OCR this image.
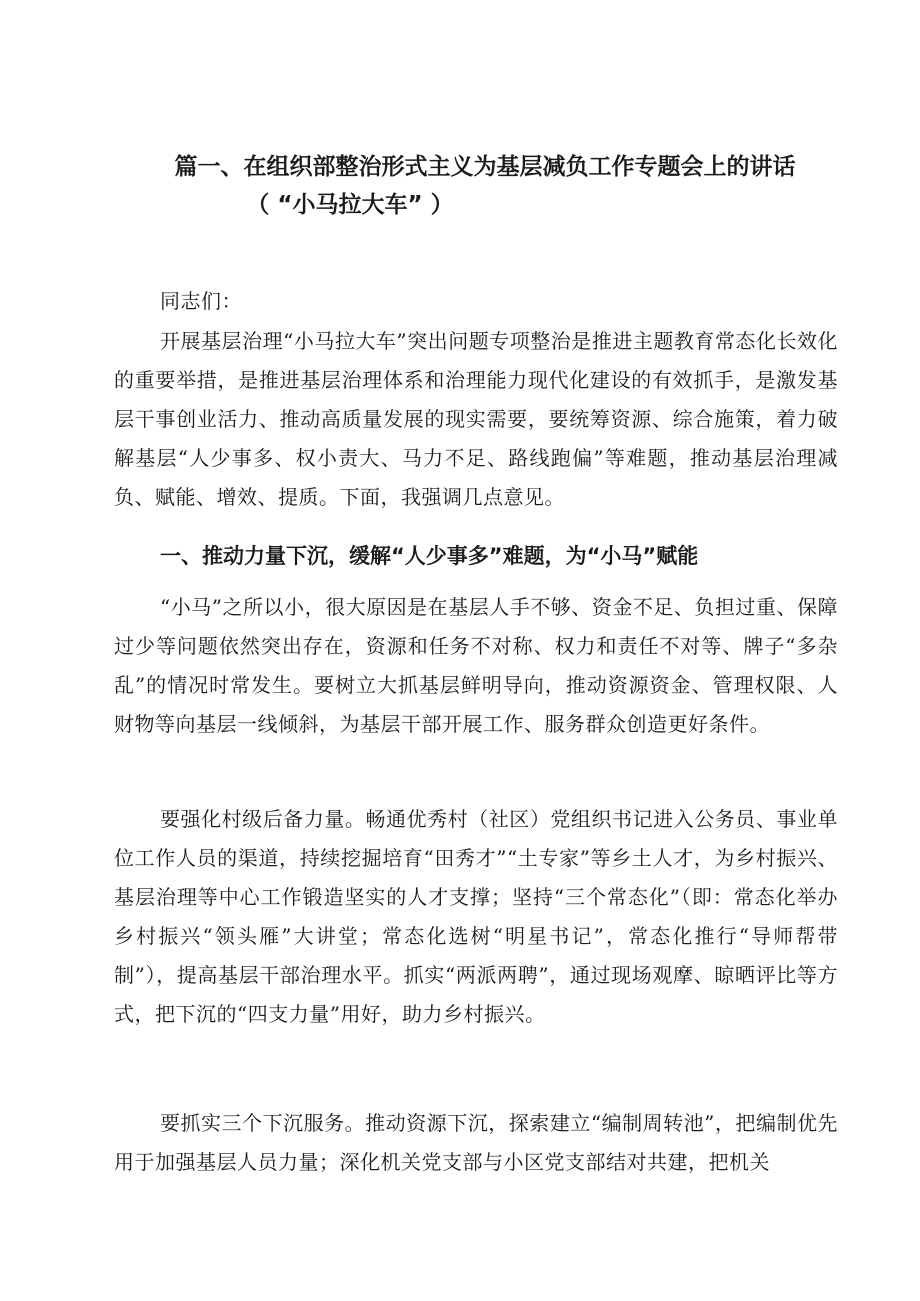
篇一、在组织部整治形式主义为基层减负工作专题会上的讲话
（ “小马拉大车” ）

同志们：

开展基层治理“小马拉大车”突出问题专项整治是推进主题教育常态化长效化的重要举措，是推进基层治理体系和治理能力现代化建设的有效抓手，是激发基层干事创业活力、推动高质量发展的现实需要，要统筹资源、综合施策，着力破解基层“人少事多、权小责大、马力不足、路线跑偏”等难题，推动基层治理减负、赋能、增效、提质。下面，我强调几点意见。

一、推动力量下沉，缓解“人少事多”难题，为“小马”赋能

“小马”之所以小，很大原因是在基层人手不够、资金不足、负担过重、保障过少等问题依然突出存在，资源和任务不对称、权力和责任不对等、牌子“多杂乱”的情况时常发生。要树立大抓基层鲜明导向，推动资源资金、管理权限、人财物等向基层一线倾斜，为基层干部开展工作、服务群众创造更好条件。

要强化村级后备力量。畅通优秀村（社区）党组织书记进入公务员、事业单位工作人员的渠道，持续挖掘培育“田秀才”“土专家”等乡土人才，为乡村振兴、基层治理等中心工作锻造坚实的人才支撑；坚持“三个常态化”（即：常态化举办乡村振兴“领头雁”大讲堂；常态化选树“明星书记”，常态化推行“导师帮带制”），提高基层干部治理水平。抓实“两派两聘”，通过现场观摩、晾晒评比等方式，把下沉的“四支力量”用好，助力乡村振兴。

要抓实三个下沉服务。推动资源下沉，探索建立“编制周转池”，把编制优先用于加强基层人员力量；深化机关党支部与小区党支部结对共建，把机关
